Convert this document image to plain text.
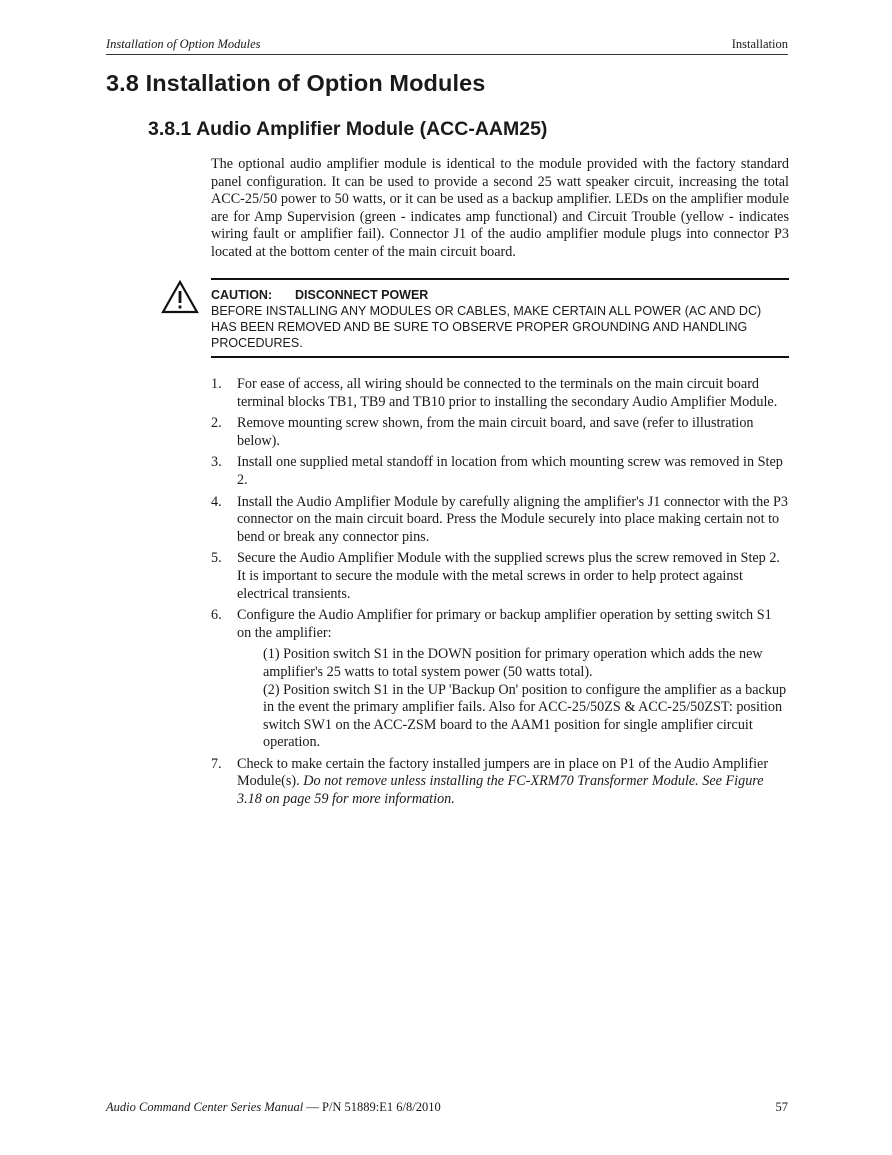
Installation of Option Modules	Installation
3.8 Installation of Option Modules
3.8.1 Audio Amplifier Module (ACC-AAM25)

The optional audio amplifier module is identical to the module provided with the factory standard panel configuration. It can be used to provide a second 25 watt speaker circuit, increasing the total ACC-25/50 power to 50 watts, or it can be used as a backup amplifier. LEDs on the amplifier module are for Amp Supervision (green - indicates amp functional) and Circuit Trouble (yellow - indicates wiring fault or amplifier fail). Connector J1 of the audio amplifier module plugs into connector P3 located at the bottom center of the main circuit board.

CAUTION: DISCONNECT POWER
BEFORE INSTALLING ANY MODULES OR CABLES, MAKE CERTAIN ALL POWER (AC AND DC) HAS BEEN REMOVED AND BE SURE TO OBSERVE PROPER GROUNDING AND HANDLING PROCEDURES.
1. For ease of access, all wiring should be connected to the terminals on the main circuit board terminal blocks TB1, TB9 and TB10 prior to installing the secondary Audio Amplifier Module.

2. Remove mounting screw shown, from the main circuit board, and save (refer to illustration below).

3. Install one supplied metal standoff in location from which mounting screw was removed in Step 2.

4. Install the Audio Amplifier Module by carefully aligning the amplifier's J1 connector with the P3 connector on the main circuit board. Press the Module securely into place making certain not to bend or break any connector pins.

5. Secure the Audio Amplifier Module with the supplied screws plus the screw removed in Step 2. It is important to secure the module with the metal screws in order to help protect against electrical transients.

6. Configure the Audio Amplifier for primary or backup amplifier operation by setting switch S1 on the amplifier:

(1) Position switch S1 in the DOWN position for primary operation which adds the new amplifier's 25 watts to total system power (50 watts total).

(2) Position switch S1 in the UP 'Backup On' position to configure the amplifier as a backup in the event the primary amplifier fails. Also for ACC-25/50ZS & ACC-25/50ZST: position switch SW1 on the ACC-ZSM board to the AAM1 position for single amplifier circuit operation.

7. Check to make certain the factory installed jumpers are in place on P1 of the Audio Amplifier Module(s). Do not remove unless installing the FC-XRM70 Transformer Module. See Figure 3.18 on page 59 for more information.

Audio Command Center Series Manual — P/N 51889:E1 6/8/2010	57
